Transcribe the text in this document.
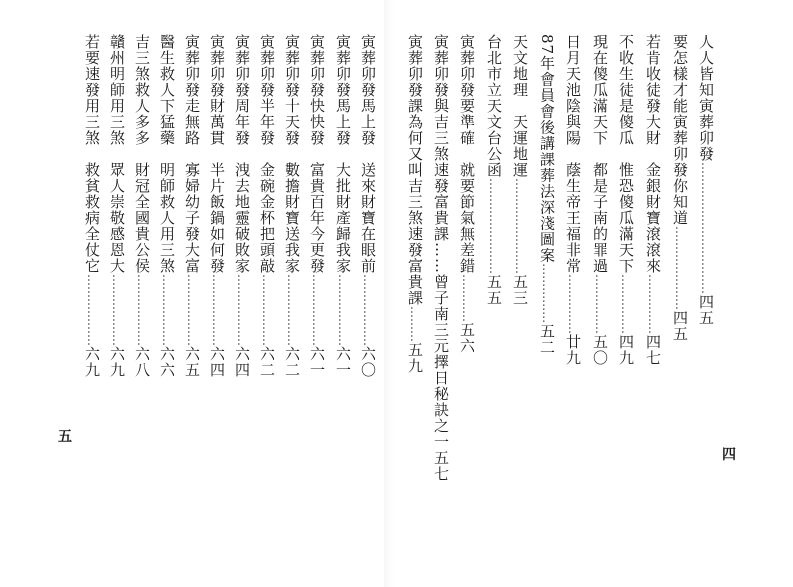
寅葬卯發馬上發　送來財寶在眼前………………六〇
寅葬卯發馬上發　大批財產歸我家………………六一
寅葬卯發快快發　富貴百年今更發………………六一
寅葬卯發十天發　數擔財寶送我家………………六二
寅葬卯發半年發　金碗金杯把頭敲………………六二
寅葬卯發周年發　洩去地靈破敗家………………六四
寅葬卯發財萬貫　半片飯鍋如何發………………六四
寅葬卯發走無路　寡婦幼子發大富………………六五
醫生救人下猛藥　明師救人用三煞………………六六
吉三煞救人多多　財冠全國貴公侯………………六八
贛州明師用三煞　眾人崇敬感恩大………………六九
若要速發用三煞　救貧救病全仗它………………六九
五
人人皆知寅葬卯發……………………………四五
要怎樣才能寅葬卯發你知道…………………四五
若肯收徒發大財　金銀財寶滾滾來……………四七
不收生徒是傻瓜　惟恐傻瓜滿天下……………四九
現在傻瓜滿天下　都是子南的罪過……………五〇
日月天池陰與陽　蔭生帝王福非常……………廿九
87年會員會後講課葬法深淺圖案……………五二
天文地理　天運地運……………………五三
台北市立天文台公函……………………五五
寅葬卯發要準確　就要節氣無差錯…………五六
寅葬卯發與吉三煞速發富貴課……曾子南三元擇日秘訣之一五七
寅葬卯發課為何又叫吉三煞速發富貴課………五九
四
